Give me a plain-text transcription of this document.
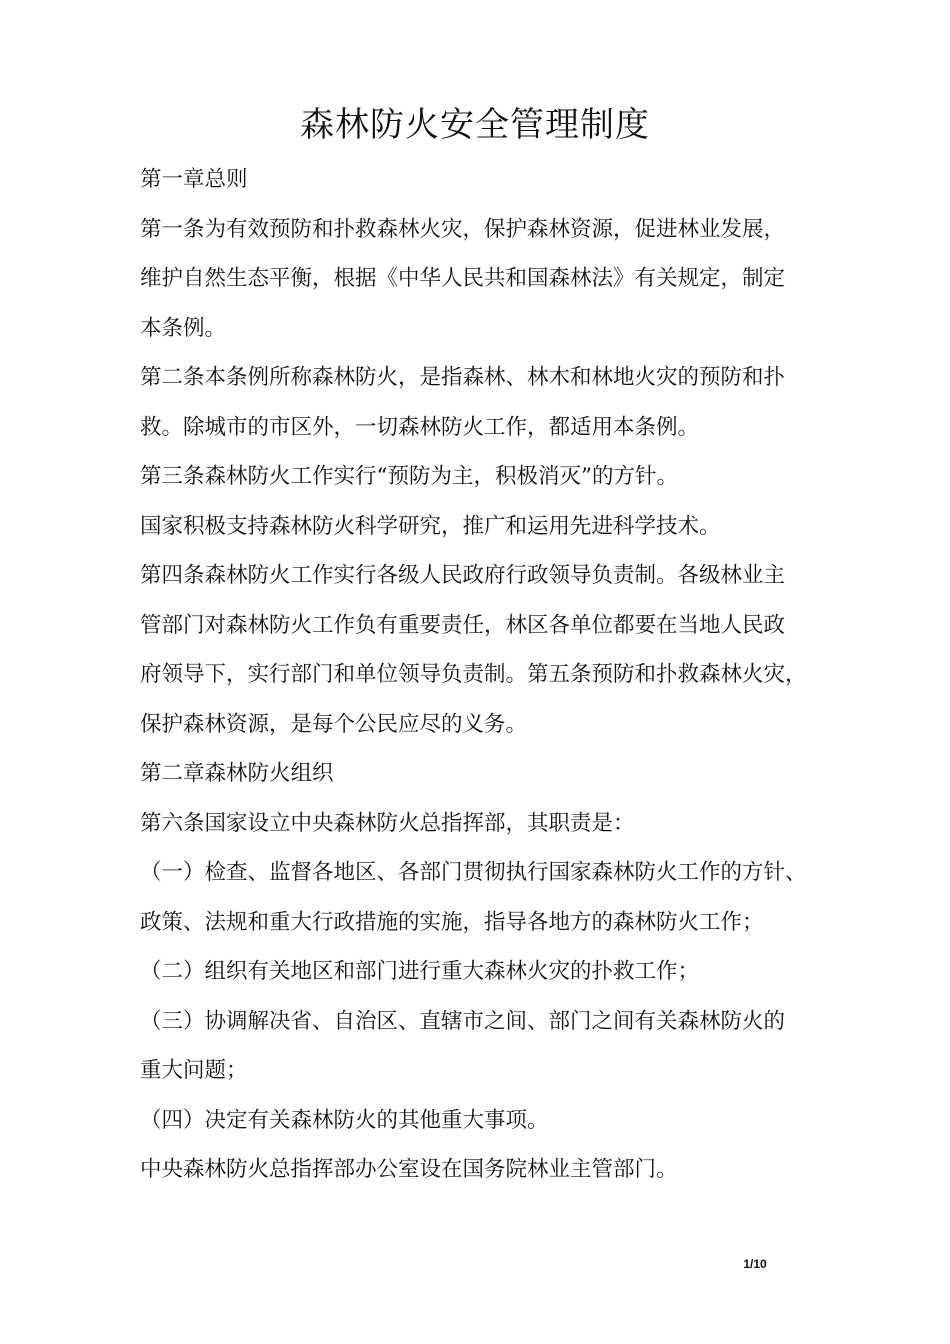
森林防火安全管理制度

第一章总则

第一条为有效预防和扑救森林火灾，保护森林资源，促进林业发展，

维护自然生态平衡，根据《中华人民共和国森林法》有关规定，制定

本条例。

第二条本条例所称森林防火，是指森林、林木和林地火灾的预防和扑

救。除城市的市区外，一切森林防火工作，都适用本条例。

第三条森林防火工作实行“预防为主，积极消灭”的方针。

国家积极支持森林防火科学研究，推广和运用先进科学技术。

第四条森林防火工作实行各级人民政府行政领导负责制。各级林业主

管部门对森林防火工作负有重要责任，林区各单位都要在当地人民政

府领导下，实行部门和单位领导负责制。第五条预防和扑救森林火灾，

保护森林资源，是每个公民应尽的义务。

第二章森林防火组织

第六条国家设立中央森林防火总指挥部，其职责是：

（一）检查、监督各地区、各部门贯彻执行国家森林防火工作的方针、

政策、法规和重大行政措施的实施，指导各地方的森林防火工作；

（二）组织有关地区和部门进行重大森林火灾的扑救工作；

（三）协调解决省、自治区、直辖市之间、部门之间有关森林防火的

重大问题；

（四）决定有关森林防火的其他重大事项。

中央森林防火总指挥部办公室设在国务院林业主管部门。

1/10
